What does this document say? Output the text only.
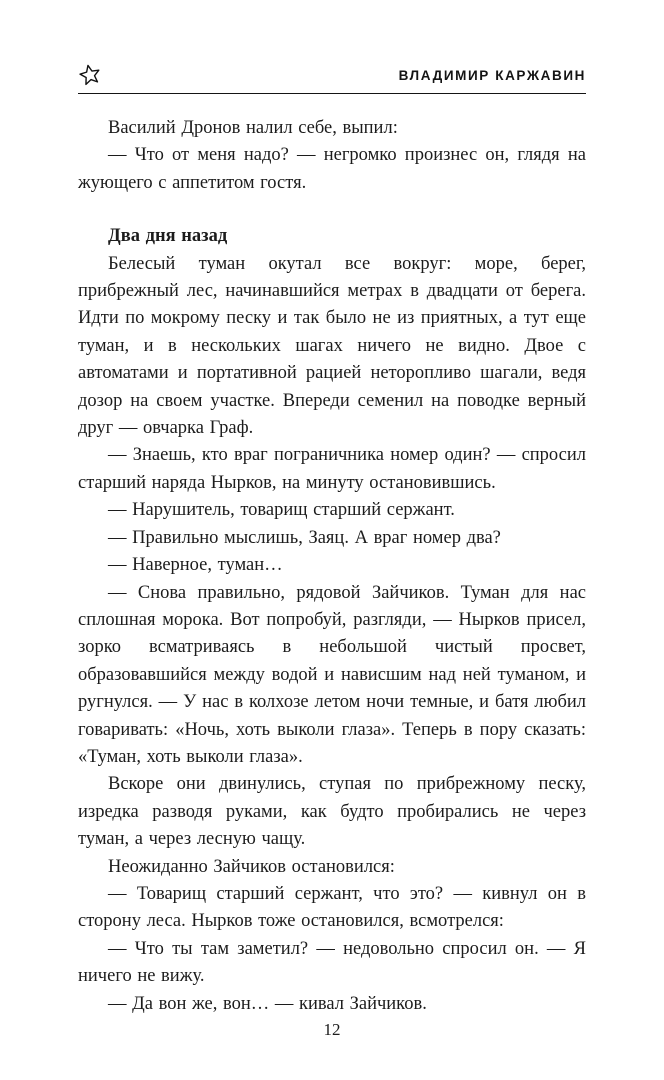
ВЛАДИМИР КАРЖАВИН

Василий Дронов налил себе, выпил:

— Что от меня надо? — негромко произнес он, глядя на жующего с аппетитом гостя.

Два дня назад

Белесый туман окутал все вокруг: море, берег, прибрежный лес, начинавшийся метрах в двадцати от берега. Идти по мокрому песку и так было не из приятных, а тут еще туман, и в нескольких шагах ничего не видно. Двое с автоматами и портативной рацией неторопливо шагали, ведя дозор на своем участке. Впереди семенил на поводке верный друг — овчарка Граф.

— Знаешь, кто враг пограничника номер один? — спросил старший наряда Нырков, на минуту остановившись.

— Нарушитель, товарищ старший сержант.

— Правильно мыслишь, Заяц. А враг номер два?

— Наверное, туман…

— Снова правильно, рядовой Зайчиков. Туман для нас сплошная морока. Вот попробуй, разгляди, — Нырков присел, зорко всматриваясь в небольшой чистый просвет, образовавшийся между водой и нависшим над ней туманом, и ругнулся. — У нас в колхозе летом ночи темные, и батя любил говаривать: «Ночь, хоть выколи глаза». Теперь в пору сказать: «Туман, хоть выколи глаза».

Вскоре они двинулись, ступая по прибрежному песку, изредка разводя руками, как будто пробирались не через туман, а через лесную чащу.

Неожиданно Зайчиков остановился:

— Товарищ старший сержант, что это? — кивнул он в сторону леса. Нырков тоже остановился, всмотрелся:

— Что ты там заметил? — недовольно спросил он. — Я ничего не вижу.

— Да вон же, вон… — кивал Зайчиков.

12
